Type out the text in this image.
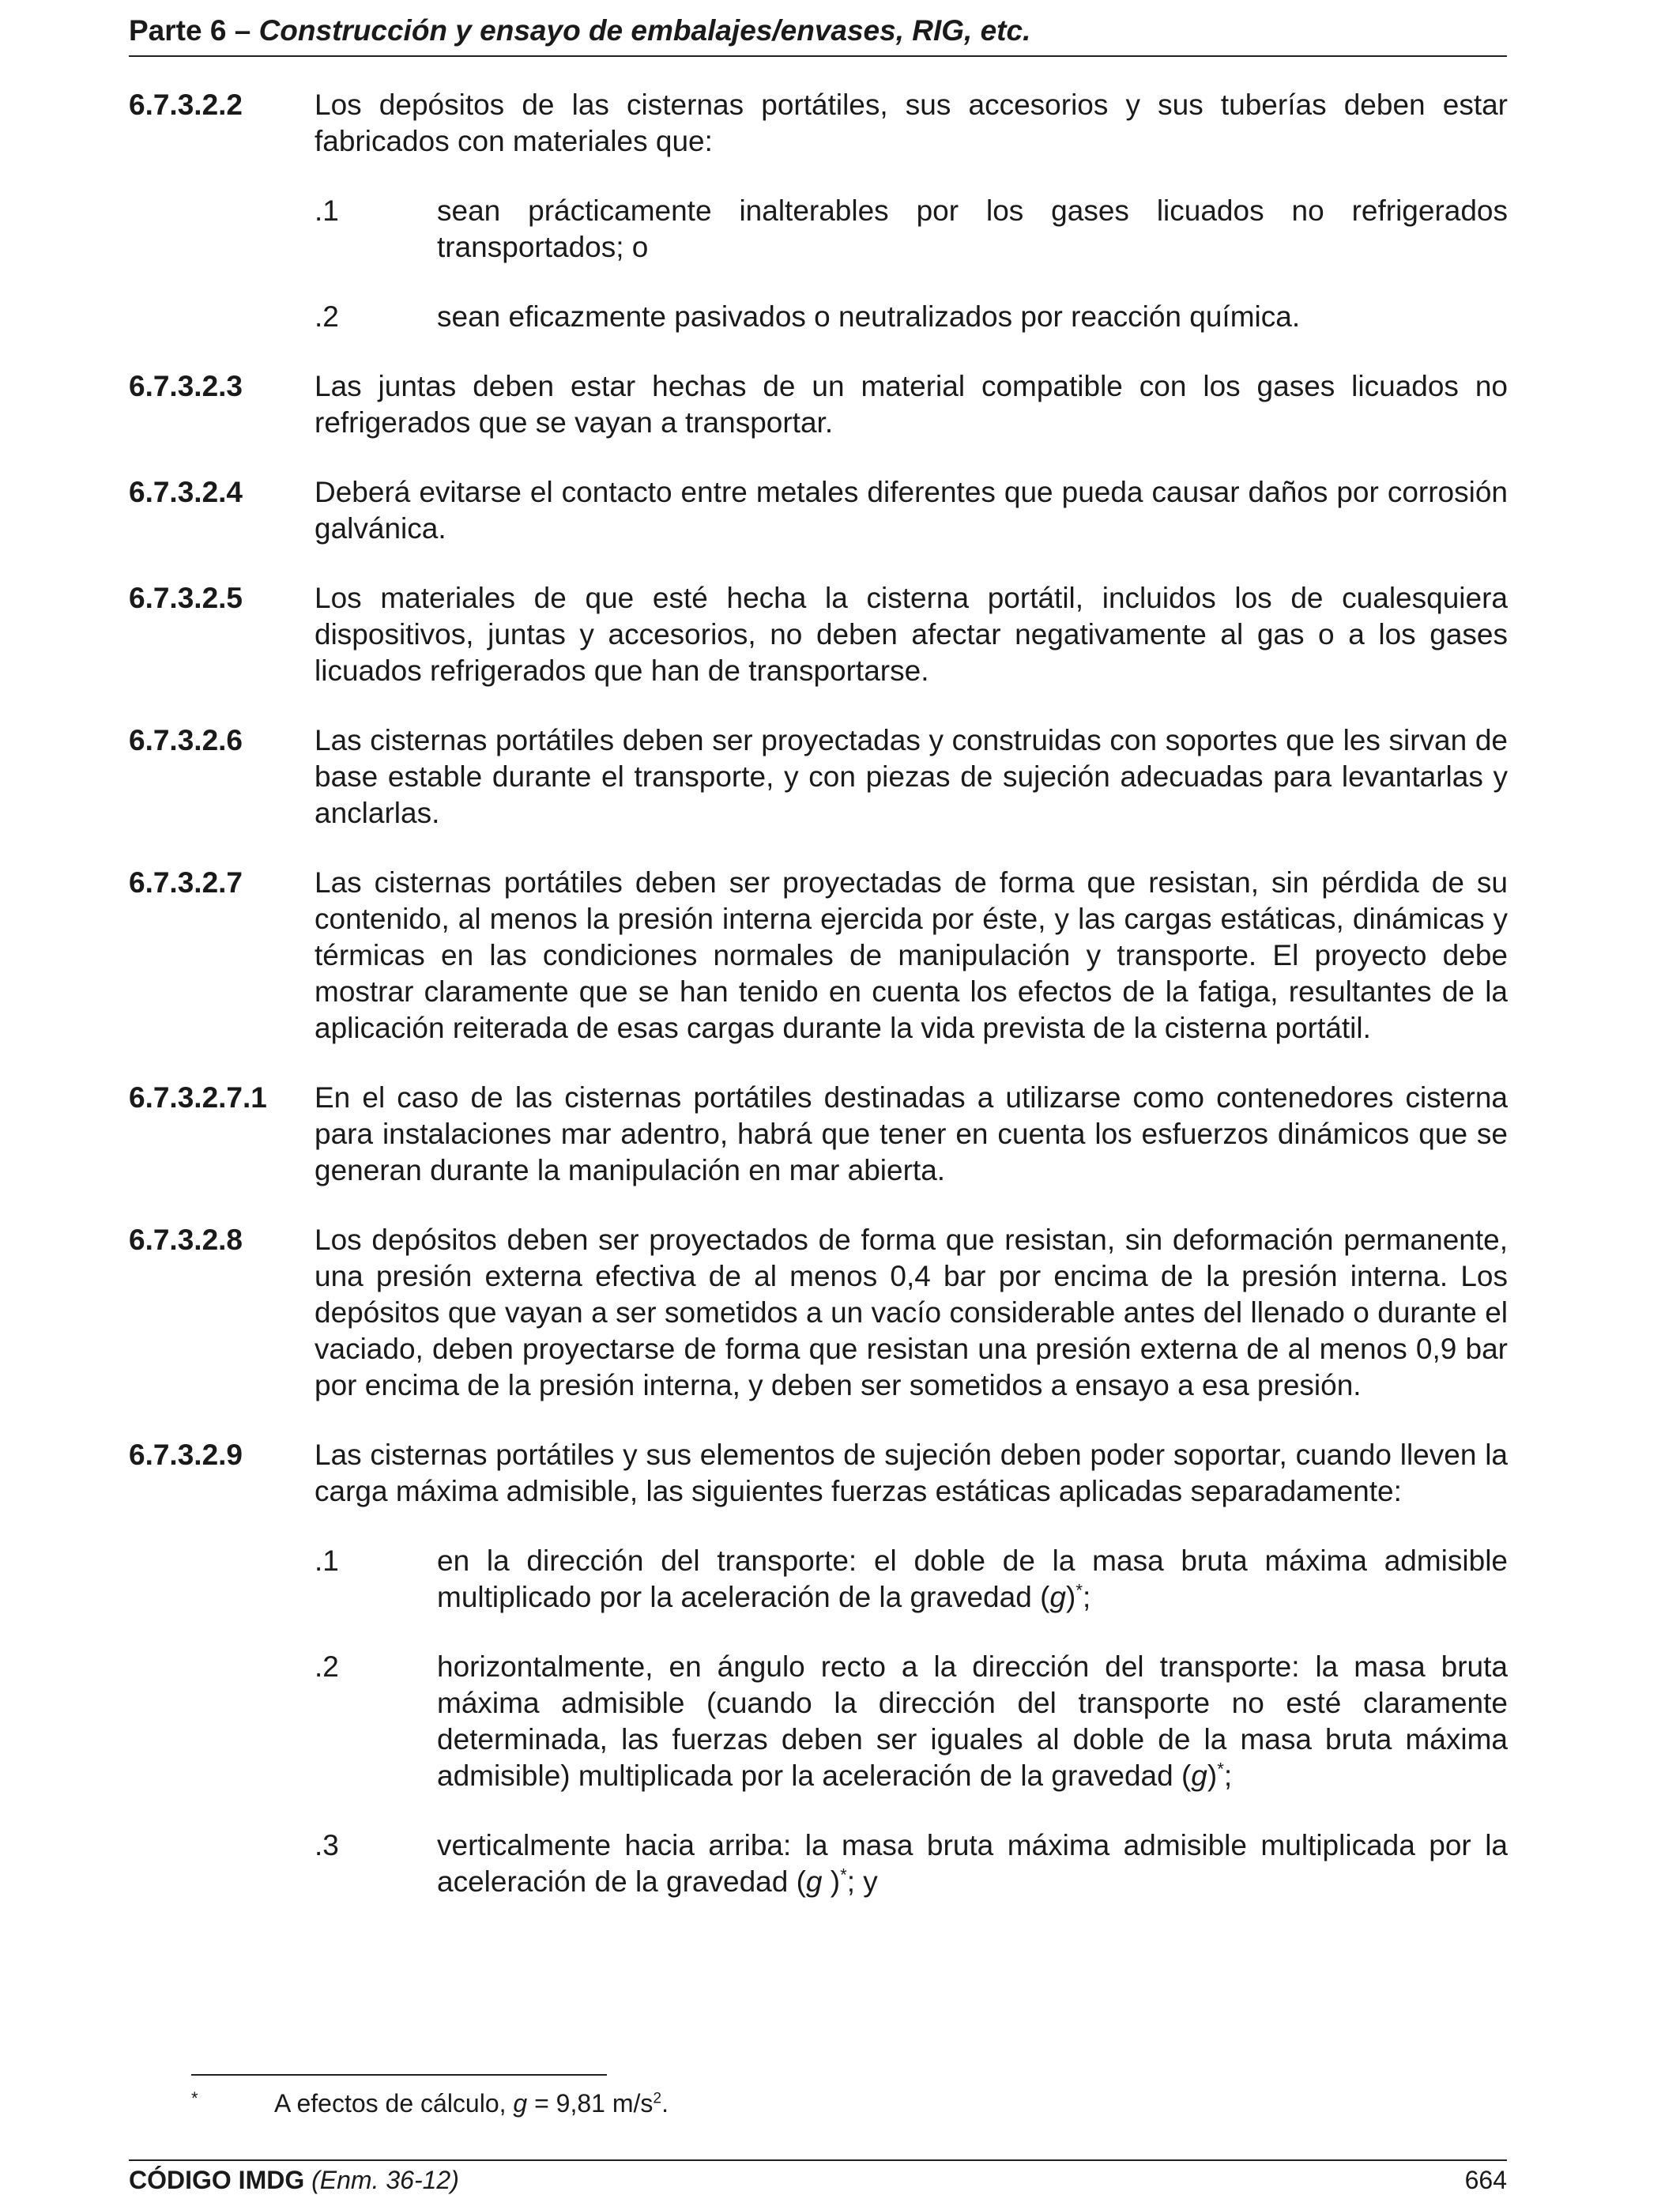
Parte 6 – Construcción y ensayo de embalajes/envases, RIG, etc.
6.7.3.2.2	Los depósitos de las cisternas portátiles, sus accesorios y sus tuberías deben estar fabricados con materiales que:

.1	sean prácticamente inalterables por los gases licuados no refrigerados transportados; o
.2	sean eficazmente pasivados o neutralizados por reacción química.
6.7.3.2.3	Las juntas deben estar hechas de un material compatible con los gases licuados no refrigerados que se vayan a transportar.

6.7.3.2.4	Deberá evitarse el contacto entre metales diferentes que pueda causar daños por corrosión galvánica.

6.7.3.2.5	Los materiales de que esté hecha la cisterna portátil, incluidos los de cualesquiera dispositivos, juntas y accesorios, no deben afectar negativamente al gas o a los gases licuados refrigerados que han de transportarse.

6.7.3.2.6	Las cisternas portátiles deben ser proyectadas y construidas con soportes que les sirvan de base estable durante el transporte, y con piezas de sujeción adecuadas para levantarlas y anclarlas.

6.7.3.2.7	Las cisternas portátiles deben ser proyectadas de forma que resistan, sin pérdida de su contenido, al menos la presión interna ejercida por éste, y las cargas estáticas, dinámicas y térmicas en las condiciones normales de manipulación y transporte. El proyecto debe mostrar claramente que se han tenido en cuenta los efectos de la fatiga, resultantes de la aplicación reiterada de esas cargas durante la vida prevista de la cisterna portátil.

6.7.3.2.7.1	En el caso de las cisternas portátiles destinadas a utilizarse como contenedores cisterna para instalaciones mar adentro, habrá que tener en cuenta los esfuerzos dinámicos que se generan durante la manipulación en mar abierta.

6.7.3.2.8	Los depósitos deben ser proyectados de forma que resistan, sin deformación permanente, una presión externa efectiva de al menos 0,4 bar por encima de la presión interna. Los depósitos que vayan a ser sometidos a un vacío considerable antes del llenado o durante el vaciado, deben proyectarse de forma que resistan una presión externa de al menos 0,9 bar por encima de la presión interna, y deben ser sometidos a ensayo a esa presión.

6.7.3.2.9	Las cisternas portátiles y sus elementos de sujeción deben poder soportar, cuando lleven la carga máxima admisible, las siguientes fuerzas estáticas aplicadas separadamente:

.1	en la dirección del transporte: el doble de la masa bruta máxima admisible multiplicado por la aceleración de la gravedad (g)*;
.2	horizontalmente, en ángulo recto a la dirección del transporte: la masa bruta máxima admisible (cuando la dirección del transporte no esté claramente determinada, las fuerzas deben ser iguales al doble de la masa bruta máxima admisible) multiplicada por la aceleración de la gravedad (g)*;
.3	verticalmente hacia arriba: la masa bruta máxima admisible multiplicada por la aceleración de la gravedad (g )*; y
*	A efectos de cálculo, g = 9,81 $m/s^2$.
CÓDIGO IMDG (Enm. 36-12)	664
